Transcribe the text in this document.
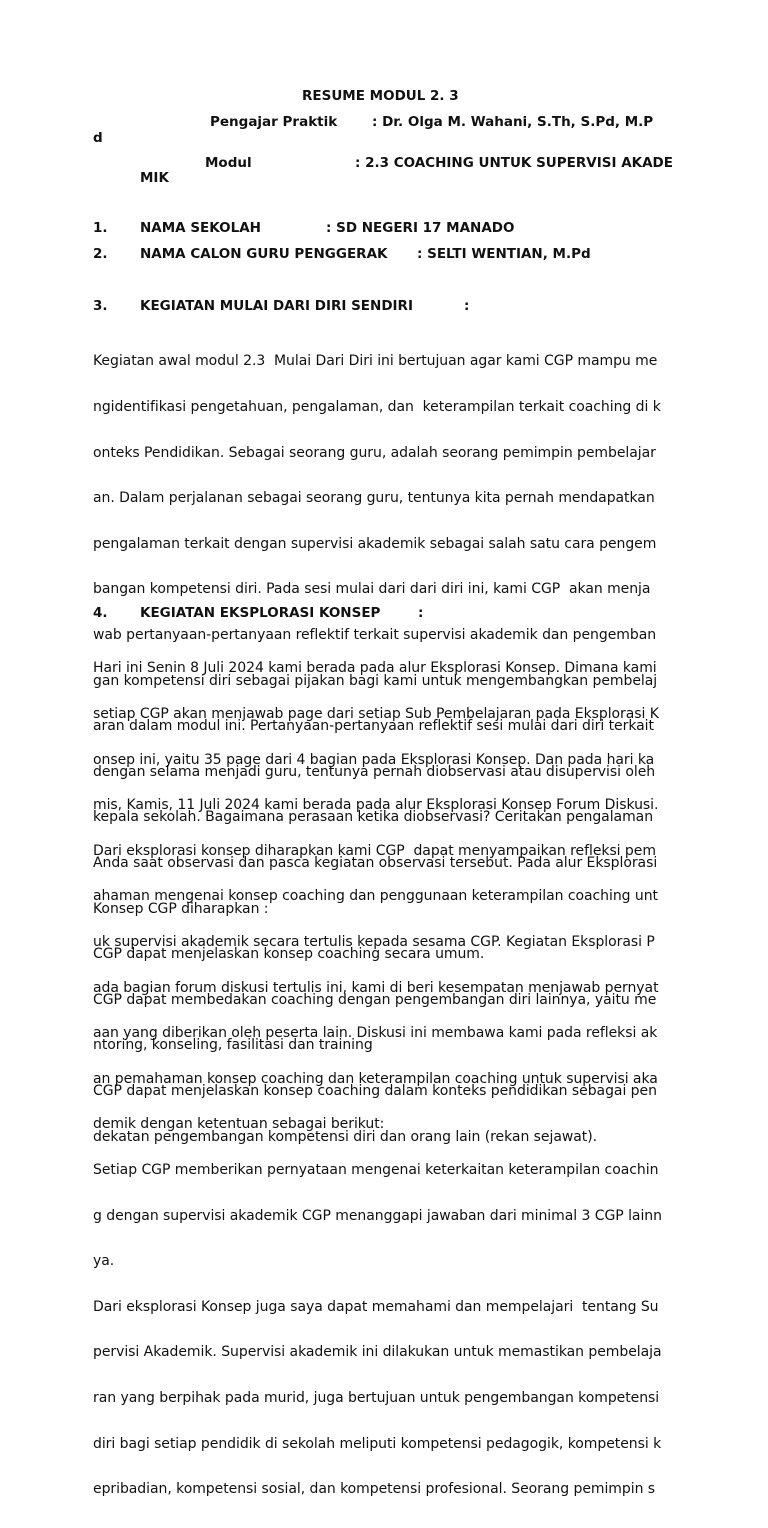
RESUME MODUL 2. 3
Pengajar Praktik	: Dr. Olga M. Wahani, S.Th, S.Pd, M.P
d
Modul	: 2.3 COACHING UNTUK SUPERVISI AKADE
MIK
1. NAMA SEKOLAH	: SD NEGERI 17 MANADO
2. NAMA CALON GURU PENGGERAK : SELTI WENTIAN, M.Pd
3. KEGIATAN MULAI DARI DIRI SENDIRI	:

Kegiatan awal modul 2.3  Mulai Dari Diri ini bertujuan agar kami CGP mampu me

ngidentifikasi pengetahuan, pengalaman, dan  keterampilan terkait coaching di k

onteks Pendidikan. Sebagai seorang guru, adalah seorang pemimpin pembelajar

an. Dalam perjalanan sebagai seorang guru, tentunya kita pernah mendapatkan

pengalaman terkait dengan supervisi akademik sebagai salah satu cara pengem

bangan kompetensi diri. Pada sesi mulai dari dari diri ini, kami CGP  akan menja

wab pertanyaan-pertanyaan reflektif terkait supervisi akademik dan pengemban

gan kompetensi diri sebagai pijakan bagi kami untuk mengembangkan pembelaj

aran dalam modul ini. Pertanyaan-pertanyaan reflektif sesi mulai dari diri terkait

dengan selama menjadi guru, tentunya pernah diobservasi atau disupervisi oleh

kepala sekolah. Bagaimana perasaan ketika diobservasi? Ceritakan pengalaman

Anda saat observasi dan pasca kegiatan observasi tersebut. Pada alur Eksplorasi

Konsep CGP diharapkan :

CGP dapat menjelaskan konsep coaching secara umum.

CGP dapat membedakan coaching dengan pengembangan diri lainnya, yaitu me

ntoring, konseling, fasilitasi dan training

CGP dapat menjelaskan konsep coaching dalam konteks pendidikan sebagai pen

dekatan pengembangan kompetensi diri dan orang lain (rekan sejawat).

4. KEGIATAN EKSPLORASI KONSEP	:

Hari ini Senin 8 Juli 2024 kami berada pada alur Eksplorasi Konsep. Dimana kami

setiap CGP akan menjawab page dari setiap Sub Pembelajaran pada Eksplorasi K

onsep ini, yaitu 35 page dari 4 bagian pada Eksplorasi Konsep. Dan pada hari ka

mis, Kamis, 11 Juli 2024 kami berada pada alur Eksplorasi Konsep Forum Diskusi.

Dari eksplorasi konsep diharapkan kami CGP  dapat menyampaikan refleksi pem

ahaman mengenai konsep coaching dan penggunaan keterampilan coaching unt

uk supervisi akademik secara tertulis kepada sesama CGP. Kegiatan Eksplorasi P

ada bagian forum diskusi tertulis ini, kami di beri kesempatan menjawab pernyat

aan yang diberikan oleh peserta lain. Diskusi ini membawa kami pada refleksi ak

an pemahaman konsep coaching dan keterampilan coaching untuk supervisi aka

demik dengan ketentuan sebagai berikut:

Setiap CGP memberikan pernyataan mengenai keterkaitan keterampilan coachin

g dengan supervisi akademik CGP menanggapi jawaban dari minimal 3 CGP lainn

ya.

Dari eksplorasi Konsep juga saya dapat memahami dan mempelajari  tentang Su

pervisi Akademik. Supervisi akademik ini dilakukan untuk memastikan pembelaja

ran yang berpihak pada murid, juga bertujuan untuk pengembangan kompetensi

diri bagi setiap pendidik di sekolah meliputi kompetensi pedagogik, kompetensi k

epribadian, kompetensi sosial, dan kompetensi profesional. Seorang pemimpin s
